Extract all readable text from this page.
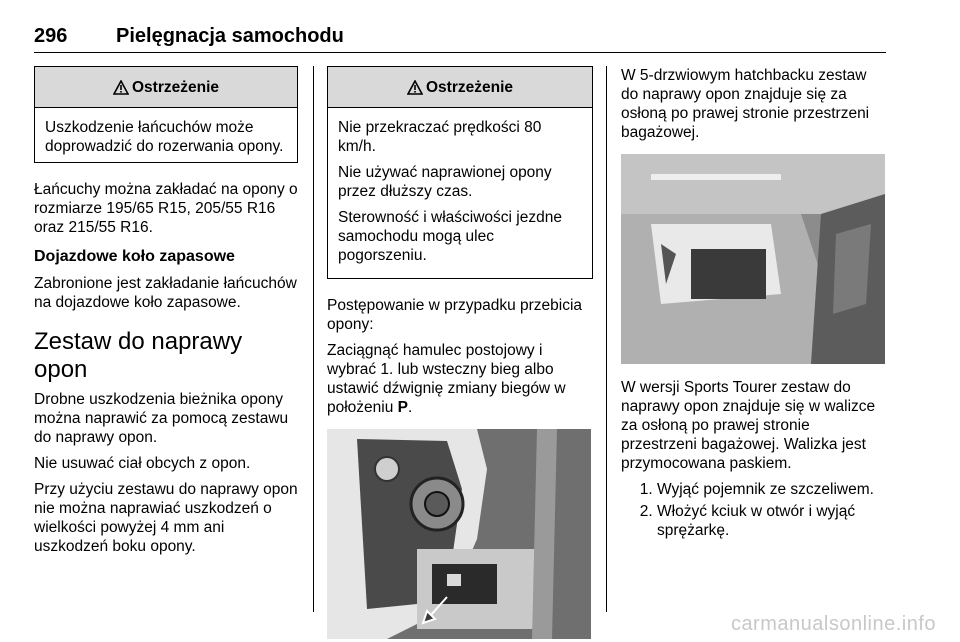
296 Pielęgnacja samochodu
Ostrzeżenie
Uszkodzenie łańcuchów może doprowadzić do rozerwania opony.

Łańcuchy można zakładać na opony o rozmiarze 195/65 R15, 205/55 R16 oraz 215/55 R16.

Dojazdowe koło zapasowe

Zabronione jest zakładanie łańcuchów na dojazdowe koło zapasowe.

Zestaw do naprawy opon

Drobne uszkodzenia bieżnika opony można naprawić za pomocą zestawu do naprawy opon.

Nie usuwać ciał obcych z opon.

Przy użyciu zestawu do naprawy opon nie można naprawiać uszkodzeń o wielkości powyżej 4 mm ani uszkodzeń boku opony.

Ostrzeżenie

Nie przekraczać prędkości 80 km/h.

Nie używać naprawionej opony przez dłuższy czas.

Sterowność i właściwości jezdne samochodu mogą ulec pogorszeniu.

Postępowanie w przypadku przebicia opony:

Zaciągnąć hamulec postojowy i wybrać 1. lub wsteczny bieg albo ustawić dźwignię zmiany biegów w położeniu P.

W 5-drzwiowym hatchbacku zestaw do naprawy opon znajduje się za osłoną po prawej stronie przestrzeni bagażowej.

W wersji Sports Tourer zestaw do naprawy opon znajduje się w walizce za osłoną po prawej stronie przestrzeni bagażowej. Walizka jest przymocowana paskiem.

1. Wyjąć pojemnik ze szczeliwem.
2. Włożyć kciuk w otwór i wyjąć sprężarkę.
carmanualsonline.info
